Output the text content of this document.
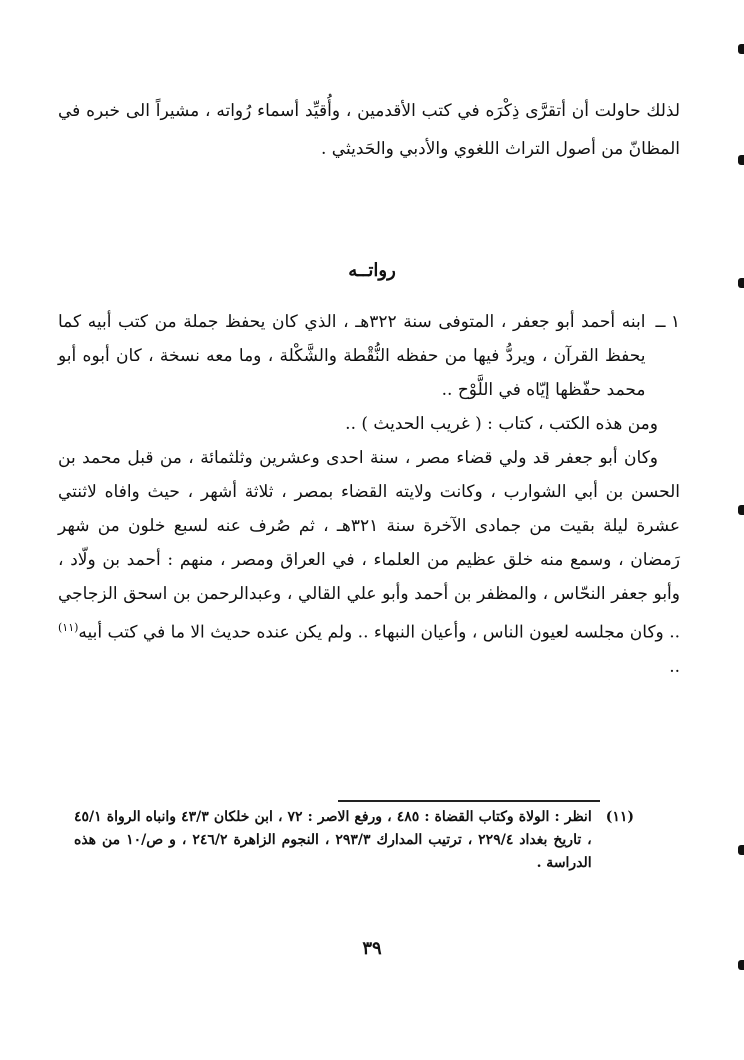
لذلك حاولت أن أتقرَّى ذِكْرَه في كتب الأقدمين ، وأُقيِّد أسماء رُواته ، مشيراً الى خبره في المظانّ من أصول التراث اللغوي والأدبي والحَديثي .

رواتــه
١ ــ
ابنه أحمد أبو جعفر ، المتوفى سنة ٣٢٢هـ ، الذي كان يحفظ جملة من كتب أبيه كما يحفظ القرآن ، ويردُّ فيها من حفظه النُّقْطة والشَّكْلة ، وما معه نسخة ، كان أبوه أبو محمد حفّظها إيّاه في اللَّوْح ..

ومن هذه الكتب ، كتاب : ( غريب الحديث ) ..

وكان أبو جعفر قد ولي قضاء مصر ، سنة احدى وعشرين وثلثمائة ، من قبل محمد بن الحسن بن أبي الشوارب ، وكانت ولايته القضاء بمصر ، ثلاثة أشهر ، حيث وافاه لاثنتي عشرة ليلة بقيت من جمادى الآخرة سنة ٣٢١هـ ، ثم صُرف عنه لسبع خلون من شهر رَمضان ، وسمع منه خلق عظيم من العلماء ، في العراق ومصر ، منهم : أحمد بن ولّاد ، وأبو جعفر النحّاس ، والمظفر بن أحمد وأبو علي القالي ، وعبدالرحمن بن اسحق الزجاجي .. وكان مجلسه لعيون الناس ، وأعيان النبهاء .. ولم يكن عنده حديث الا ما في كتب أبيه$^{(١١)}$ ..

(١١)
انظر : الولاة وكتاب القضاة : ٤٨٥ ، ورفع الاصر : ٧٢ ، ابن خلكان ٤٣/٣ وانباه الرواة ٤٥/١ ، تاريخ بغداد ٢٢٩/٤ ، ترتيب المدارك ٢٩٣/٣ ، النجوم الزاهرة ٢٤٦/٢ ، و ص/١٠ من هذه الدراسة .
٣٩
